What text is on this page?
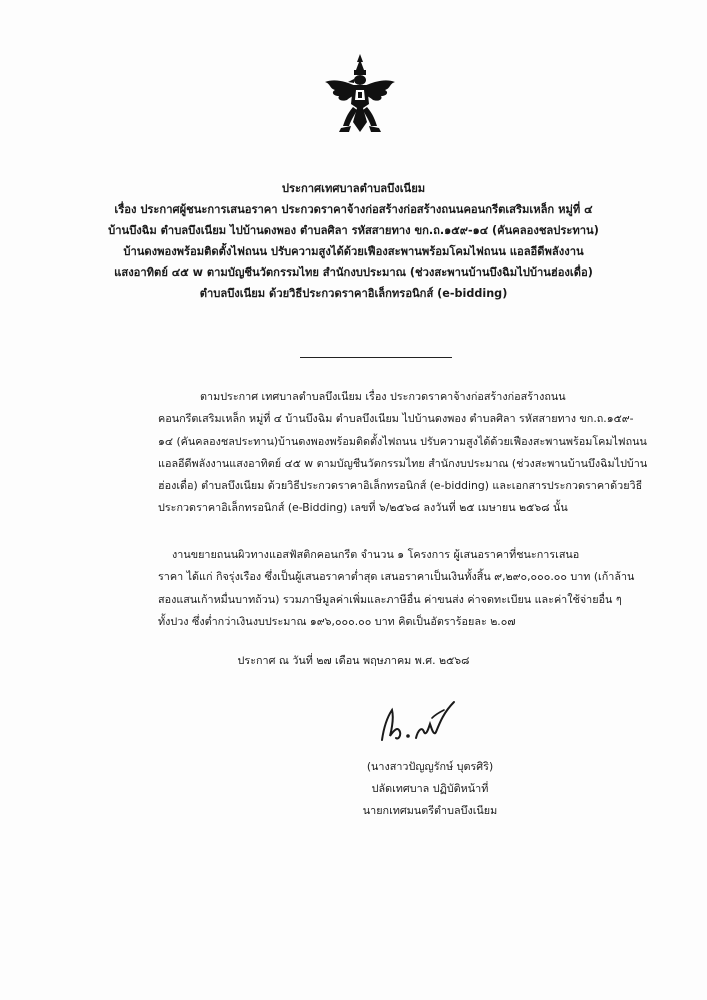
ประกาศเทศบาลตำบลบึงเนียม
เรื่อง ประกาศผู้ชนะการเสนอราคา ประกวดราคาจ้างก่อสร้างก่อสร้างถนนคอนกรีตเสริมเหล็ก หมู่ที่ ๔
บ้านบึงฉิม ตำบลบึงเนียม ไปบ้านดงพอง ตำบลศิลา รหัสสายทาง ขก.ถ.๑๕๙-๑๔ (คันคลองชลประทาน)
บ้านดงพองพร้อมติดตั้งไฟถนน ปรับความสูงได้ด้วยเฟืองสะพานพร้อมโคมไฟถนน แอลอีดีพลังงาน
แสงอาทิตย์ ๔๕ w ตามบัญชีนวัตกรรมไทย สำนักงบประมาณ (ช่วงสะพานบ้านบึงฉิมไปบ้านฮ่องเดื่อ)
ตำบลบึงเนียม ด้วยวิธีประกวดราคาอิเล็กทรอนิกส์ (e-bidding)
ตามประกาศ เทศบาลตำบลบึงเนียม เรื่อง ประกวดราคาจ้างก่อสร้างก่อสร้างถนน
คอนกรีตเสริมเหล็ก หมู่ที่ ๔ บ้านบึงฉิม ตำบลบึงเนียม ไปบ้านดงพอง ตำบลศิลา รหัสสายทาง ขก.ถ.๑๕๙-
๑๔ (คันคลองชลประทาน)บ้านดงพองพร้อมติดตั้งไฟถนน ปรับความสูงได้ด้วยเฟืองสะพานพร้อมโคมไฟถนน
แอลอีดีพลังงานแสงอาทิตย์ ๔๕ w ตามบัญชีนวัตกรรมไทย สำนักงบประมาณ (ช่วงสะพานบ้านบึงฉิมไปบ้าน
ฮ่องเดื่อ) ตำบลบึงเนียม ด้วยวิธีประกวดราคาอิเล็กทรอนิกส์ (e-bidding) และเอกสารประกวดราคาด้วยวิธี
ประกวดราคาอิเล็กทรอนิกส์ (e-Bidding) เลขที่ ๖/๒๕๖๘ ลงวันที่ ๒๕ เมษายน ๒๕๖๘ นั้น
งานขยายถนนผิวทางแอสฟัสติกคอนกรีต จำนวน ๑ โครงการ ผู้เสนอราคาที่ชนะการเสนอ
ราคา ได้แก่ กิจรุ่งเรือง ซึ่งเป็นผู้เสนอราคาต่ำสุด เสนอราคาเป็นเงินทั้งสิ้น ๙,๒๙๐,๐๐๐.๐๐ บาท (เก้าล้าน
สองแสนเก้าหมื่นบาทถ้วน) รวมภาษีมูลค่าเพิ่มและภาษีอื่น ค่าขนส่ง ค่าจดทะเบียน และค่าใช้จ่ายอื่น ๆ
ทั้งปวง ซึ่งต่ำกว่าเงินงบประมาณ ๑๙๖,๐๐๐.๐๐ บาท คิดเป็นอัตราร้อยละ ๒.๐๗
ประกาศ ณ วันที่ ๒๗ เดือน พฤษภาคม พ.ศ. ๒๕๖๘
(นางสาวปัญญรักษ์ บุตรศิริ)
ปลัดเทศบาล ปฏิบัติหน้าที่
นายกเทศมนตรีตำบลบึงเนียม
